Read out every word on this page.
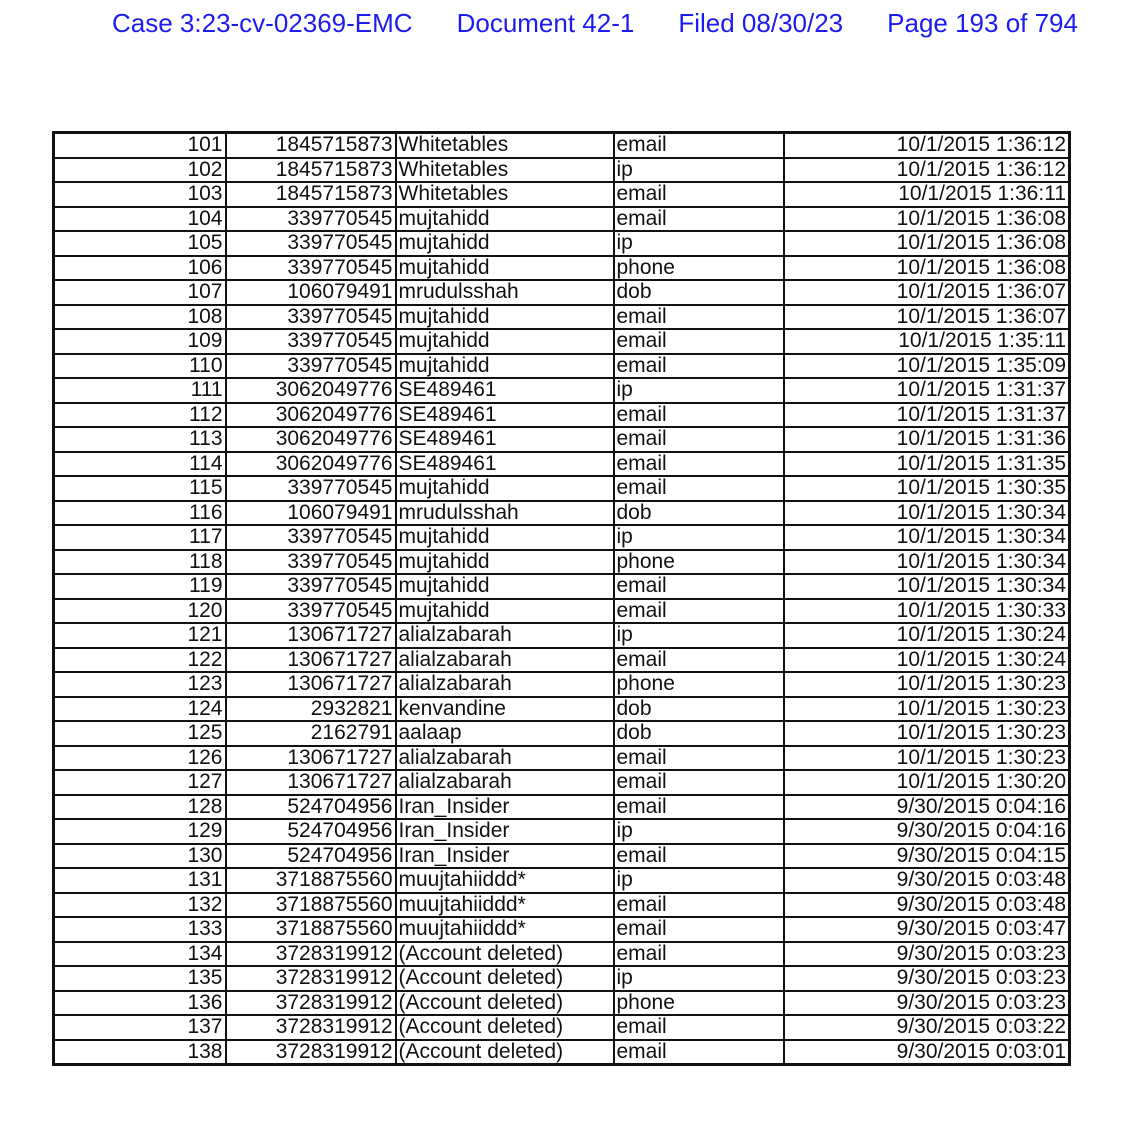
Case 3:23-cv-02369-EMC Document 42-1 Filed 08/30/23 Page 193 of 794
101	1845715873	Whitetables	email	10/1/2015 1:36:12
102	1845715873	Whitetables	ip	10/1/2015 1:36:12
103	1845715873	Whitetables	email	10/1/2015 1:36:11
104	339770545	mujtahidd	email	10/1/2015 1:36:08
105	339770545	mujtahidd	ip	10/1/2015 1:36:08
106	339770545	mujtahidd	phone	10/1/2015 1:36:08
107	106079491	mrudulsshah	dob	10/1/2015 1:36:07
108	339770545	mujtahidd	email	10/1/2015 1:36:07
109	339770545	mujtahidd	email	10/1/2015 1:35:11
110	339770545	mujtahidd	email	10/1/2015 1:35:09
111	3062049776	SE489461	ip	10/1/2015 1:31:37
112	3062049776	SE489461	email	10/1/2015 1:31:37
113	3062049776	SE489461	email	10/1/2015 1:31:36
114	3062049776	SE489461	email	10/1/2015 1:31:35
115	339770545	mujtahidd	email	10/1/2015 1:30:35
116	106079491	mrudulsshah	dob	10/1/2015 1:30:34
117	339770545	mujtahidd	ip	10/1/2015 1:30:34
118	339770545	mujtahidd	phone	10/1/2015 1:30:34
119	339770545	mujtahidd	email	10/1/2015 1:30:34
120	339770545	mujtahidd	email	10/1/2015 1:30:33
121	130671727	alialzabarah	ip	10/1/2015 1:30:24
122	130671727	alialzabarah	email	10/1/2015 1:30:24
123	130671727	alialzabarah	phone	10/1/2015 1:30:23
124	2932821	kenvandine	dob	10/1/2015 1:30:23
125	2162791	aalaap	dob	10/1/2015 1:30:23
126	130671727	alialzabarah	email	10/1/2015 1:30:23
127	130671727	alialzabarah	email	10/1/2015 1:30:20
128	524704956	Iran_Insider	email	9/30/2015 0:04:16
129	524704956	Iran_Insider	ip	9/30/2015 0:04:16
130	524704956	Iran_Insider	email	9/30/2015 0:04:15
131	3718875560	muujtahiiddd*	ip	9/30/2015 0:03:48
132	3718875560	muujtahiiddd*	email	9/30/2015 0:03:48
133	3718875560	muujtahiiddd*	email	9/30/2015 0:03:47
134	3728319912	(Account deleted)	email	9/30/2015 0:03:23
135	3728319912	(Account deleted)	ip	9/30/2015 0:03:23
136	3728319912	(Account deleted)	phone	9/30/2015 0:03:23
137	3728319912	(Account deleted)	email	9/30/2015 0:03:22
138	3728319912	(Account deleted)	email	9/30/2015 0:03:01
